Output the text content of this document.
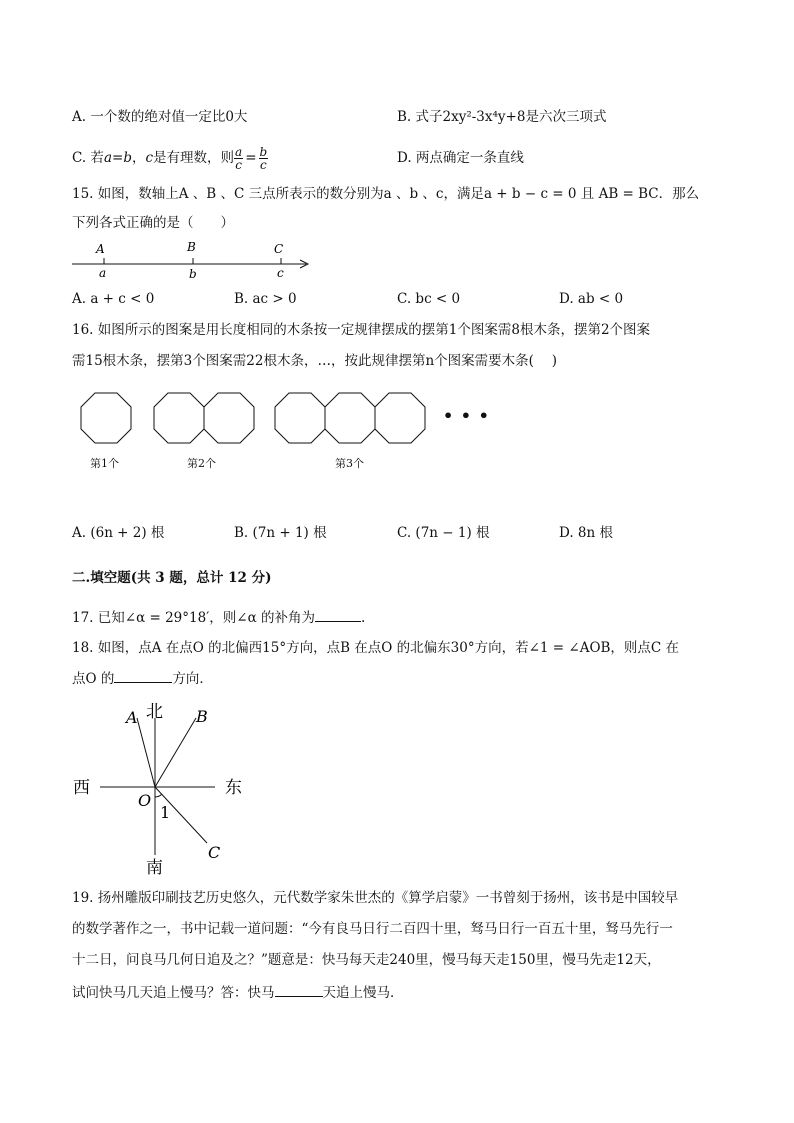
A. 一个数的绝对值一定比0大	B. 式子2xy²-3x⁴y+8是六次三项式
C. 若 a = b ， c 是有理数，则 $\frac{a}{c} = \frac{b}{c}$	D. 两点确定一条直线
15. 如图，数轴上A 、B 、C 三点所表示的数分别为a 、b 、c，满足a + b − c = 0 且 AB = BC．那么
下列各式正确的是（　　）
A	B	C
a	b	c
A. a + c < 0	B. ac > 0	C. bc < 0	D. ab < 0
16. 如图所示的图案是用长度相同的木条按一定规律摆成的摆第1个图案需8根木条，摆第2个图案
需15根木条，摆第3个图案需22根木条，…，按此规律摆第n个图案需要木条(　 )
• • •
第1个	第2个	第3个
A. (6n + 2) 根	B. (7n + 1) 根	C. (7n − 1) 根	D. 8n 根
二.填空题(共 3 题，总计 12 分)
17. 已知∠α = 29°18′，则∠α 的补角为	.
18. 如图，点A 在点O 的北偏西15°方向，点B 在点O 的北偏东30°方向，若∠1 = ∠AOB，则点C 在
点O 的	方向．
北
南
西	东
A	B
C
O
1
19. 扬州雕版印刷技艺历史悠久，元代数学家朱世杰的《算学启蒙》一书曾刻于扬州，该书是中国较早
的数学著作之一，书中记载一道问题：“今有良马日行二百四十里，驽马日行一百五十里，驽马先行一
十二日，问良马几何日追及之？”题意是：快马每天走240里，慢马每天走150里，慢马先走12天，
试问快马几天追上慢马？答：快马	天追上慢马．
